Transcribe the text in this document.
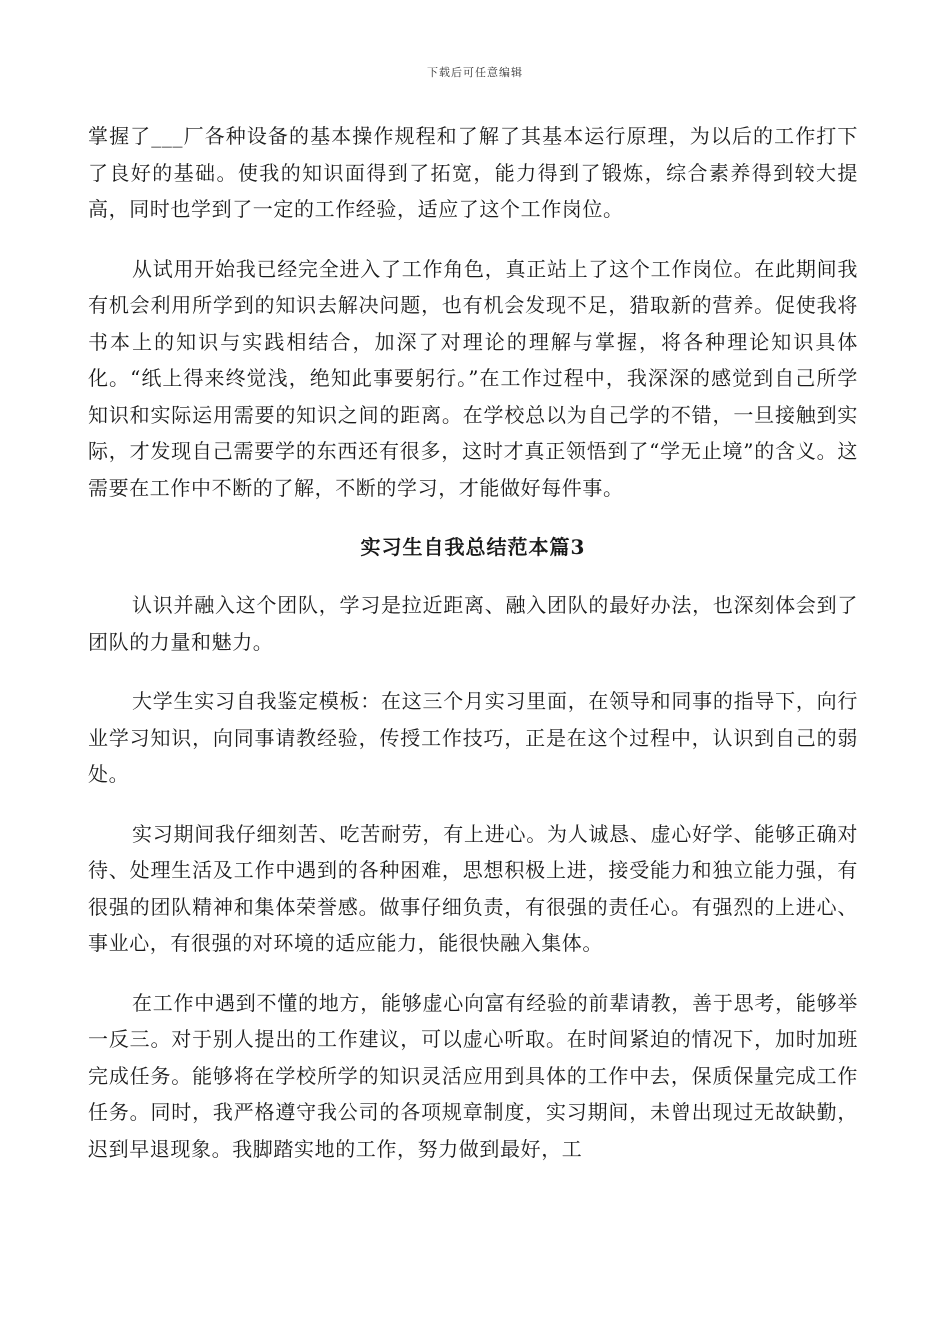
下载后可任意编辑

掌握了___厂各种设备的基本操作规程和了解了其基本运行原理，为以后的工作打下了良好的基础。使我的知识面得到了拓宽，能力得到了锻炼，综合素养得到较大提高，同时也学到了一定的工作经验，适应了这个工作岗位。

从试用开始我已经完全进入了工作角色，真正站上了这个工作岗位。在此期间我有机会利用所学到的知识去解决问题，也有机会发现不足，猎取新的营养。促使我将书本上的知识与实践相结合，加深了对理论的理解与掌握，将各种理论知识具体化。“纸上得来终觉浅，绝知此事要躬行。”在工作过程中，我深深的感觉到自己所学知识和实际运用需要的知识之间的距离。在学校总以为自己学的不错，一旦接触到实际，才发现自己需要学的东西还有很多，这时才真正领悟到了“学无止境”的含义。这需要在工作中不断的了解，不断的学习，才能做好每件事。

实习生自我总结范本篇3

认识并融入这个团队，学习是拉近距离、融入团队的最好办法，也深刻体会到了团队的力量和魅力。

大学生实习自我鉴定模板：在这三个月实习里面，在领导和同事的指导下，向行业学习知识，向同事请教经验，传授工作技巧，正是在这个过程中，认识到自己的弱处。

实习期间我仔细刻苦、吃苦耐劳，有上进心。为人诚恳、虚心好学、能够正确对待、处理生活及工作中遇到的各种困难，思想积极上进，接受能力和独立能力强，有很强的团队精神和集体荣誉感。做事仔细负责，有很强的责任心。有强烈的上进心、事业心，有很强的对环境的适应能力，能很快融入集体。

在工作中遇到不懂的地方，能够虚心向富有经验的前辈请教，善于思考，能够举一反三。对于别人提出的工作建议，可以虚心听取。在时间紧迫的情况下，加时加班完成任务。能够将在学校所学的知识灵活应用到具体的工作中去，保质保量完成工作任务。同时，我严格遵守我公司的各项规章制度，实习期间，未曾出现过无故缺勤，迟到早退现象。我脚踏实地的工作，努力做到最好，工
